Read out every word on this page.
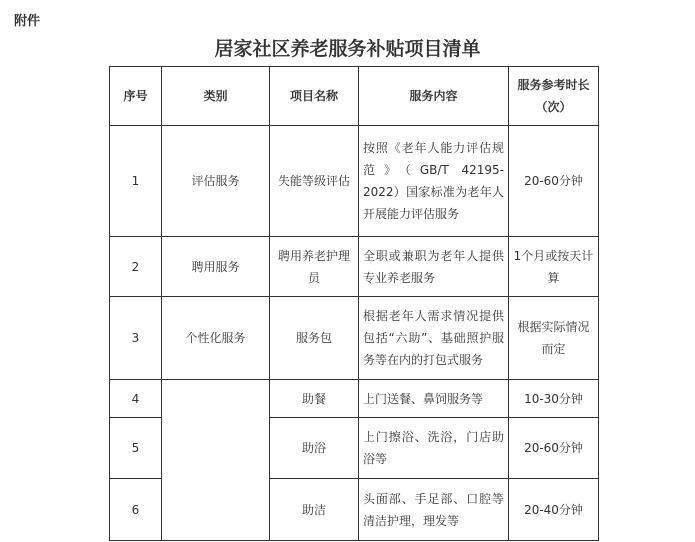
附件
居家社区养老服务补贴项目清单
序号	类别	项目名称	服务内容	服务参考时长（次）
1	评估服务	失能等级评估	按照《老年人能力评估规范》（GB/T 42195-2022）国家标准为老年人开展能力评估服务	20-60分钟
2	聘用服务	聘用养老护理员	全职或兼职为老年人提供专业养老服务	1个月或按天计算
3	个性化服务	服务包	根据老年人需求情况提供包括“六助”、基础照护服务等在内的打包式服务	根据实际情况而定
4		助餐	上门送餐、鼻饲服务等	10-30分钟
5		助浴	上门擦浴、洗浴，门店助浴等	20-60分钟
6		助洁	头面部、手足部、口腔等清洁护理，理发等	20-40分钟
